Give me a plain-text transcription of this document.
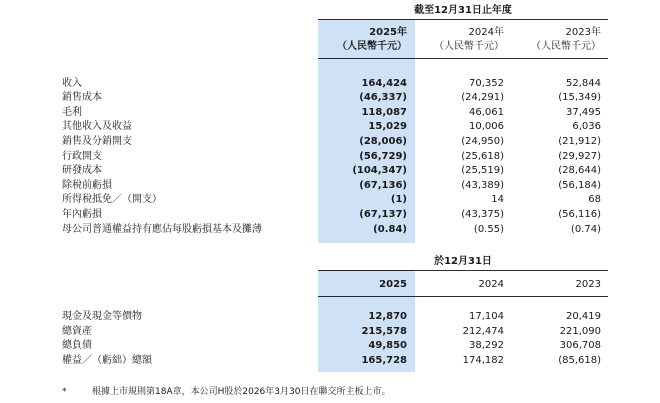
截至12月31日止年度
2025年
（人民幣千元）
2024年
（人民幣千元）
2023年
（人民幣千元）
收入	164,424	70,352	52,844
銷售成本	(46,337)	(24,291)	(15,349)
毛利	118,087	46,061	37,495
其他收入及收益	15,029	10,006	6,036
銷售及分銷開支	(28,006)	(24,950)	(21,912)
行政開支	(56,729)	(25,618)	(29,927)
研發成本	(104,347)	(25,519)	(28,644)
除稅前虧損	(67,136)	(43,389)	(56,184)
所得稅抵免／（開支）	(1)	14	68
年內虧損	(67,137)	(43,375)	(56,116)
母公司普通權益持有應佔每股虧損基本及攤薄	(0.84)	(0.55)	(0.74)
於12月31日
2025	2024	2023
現金及現金等價物	12,870	17,104	20,419
總資產	215,578	212,474	221,090
總負債	49,850	38,292	306,708
權益／（虧絀）總額	165,728	174,182	(85,618)
*	根據上市規則第18A章，本公司H股於2026年3月30日在聯交所主板上市。
